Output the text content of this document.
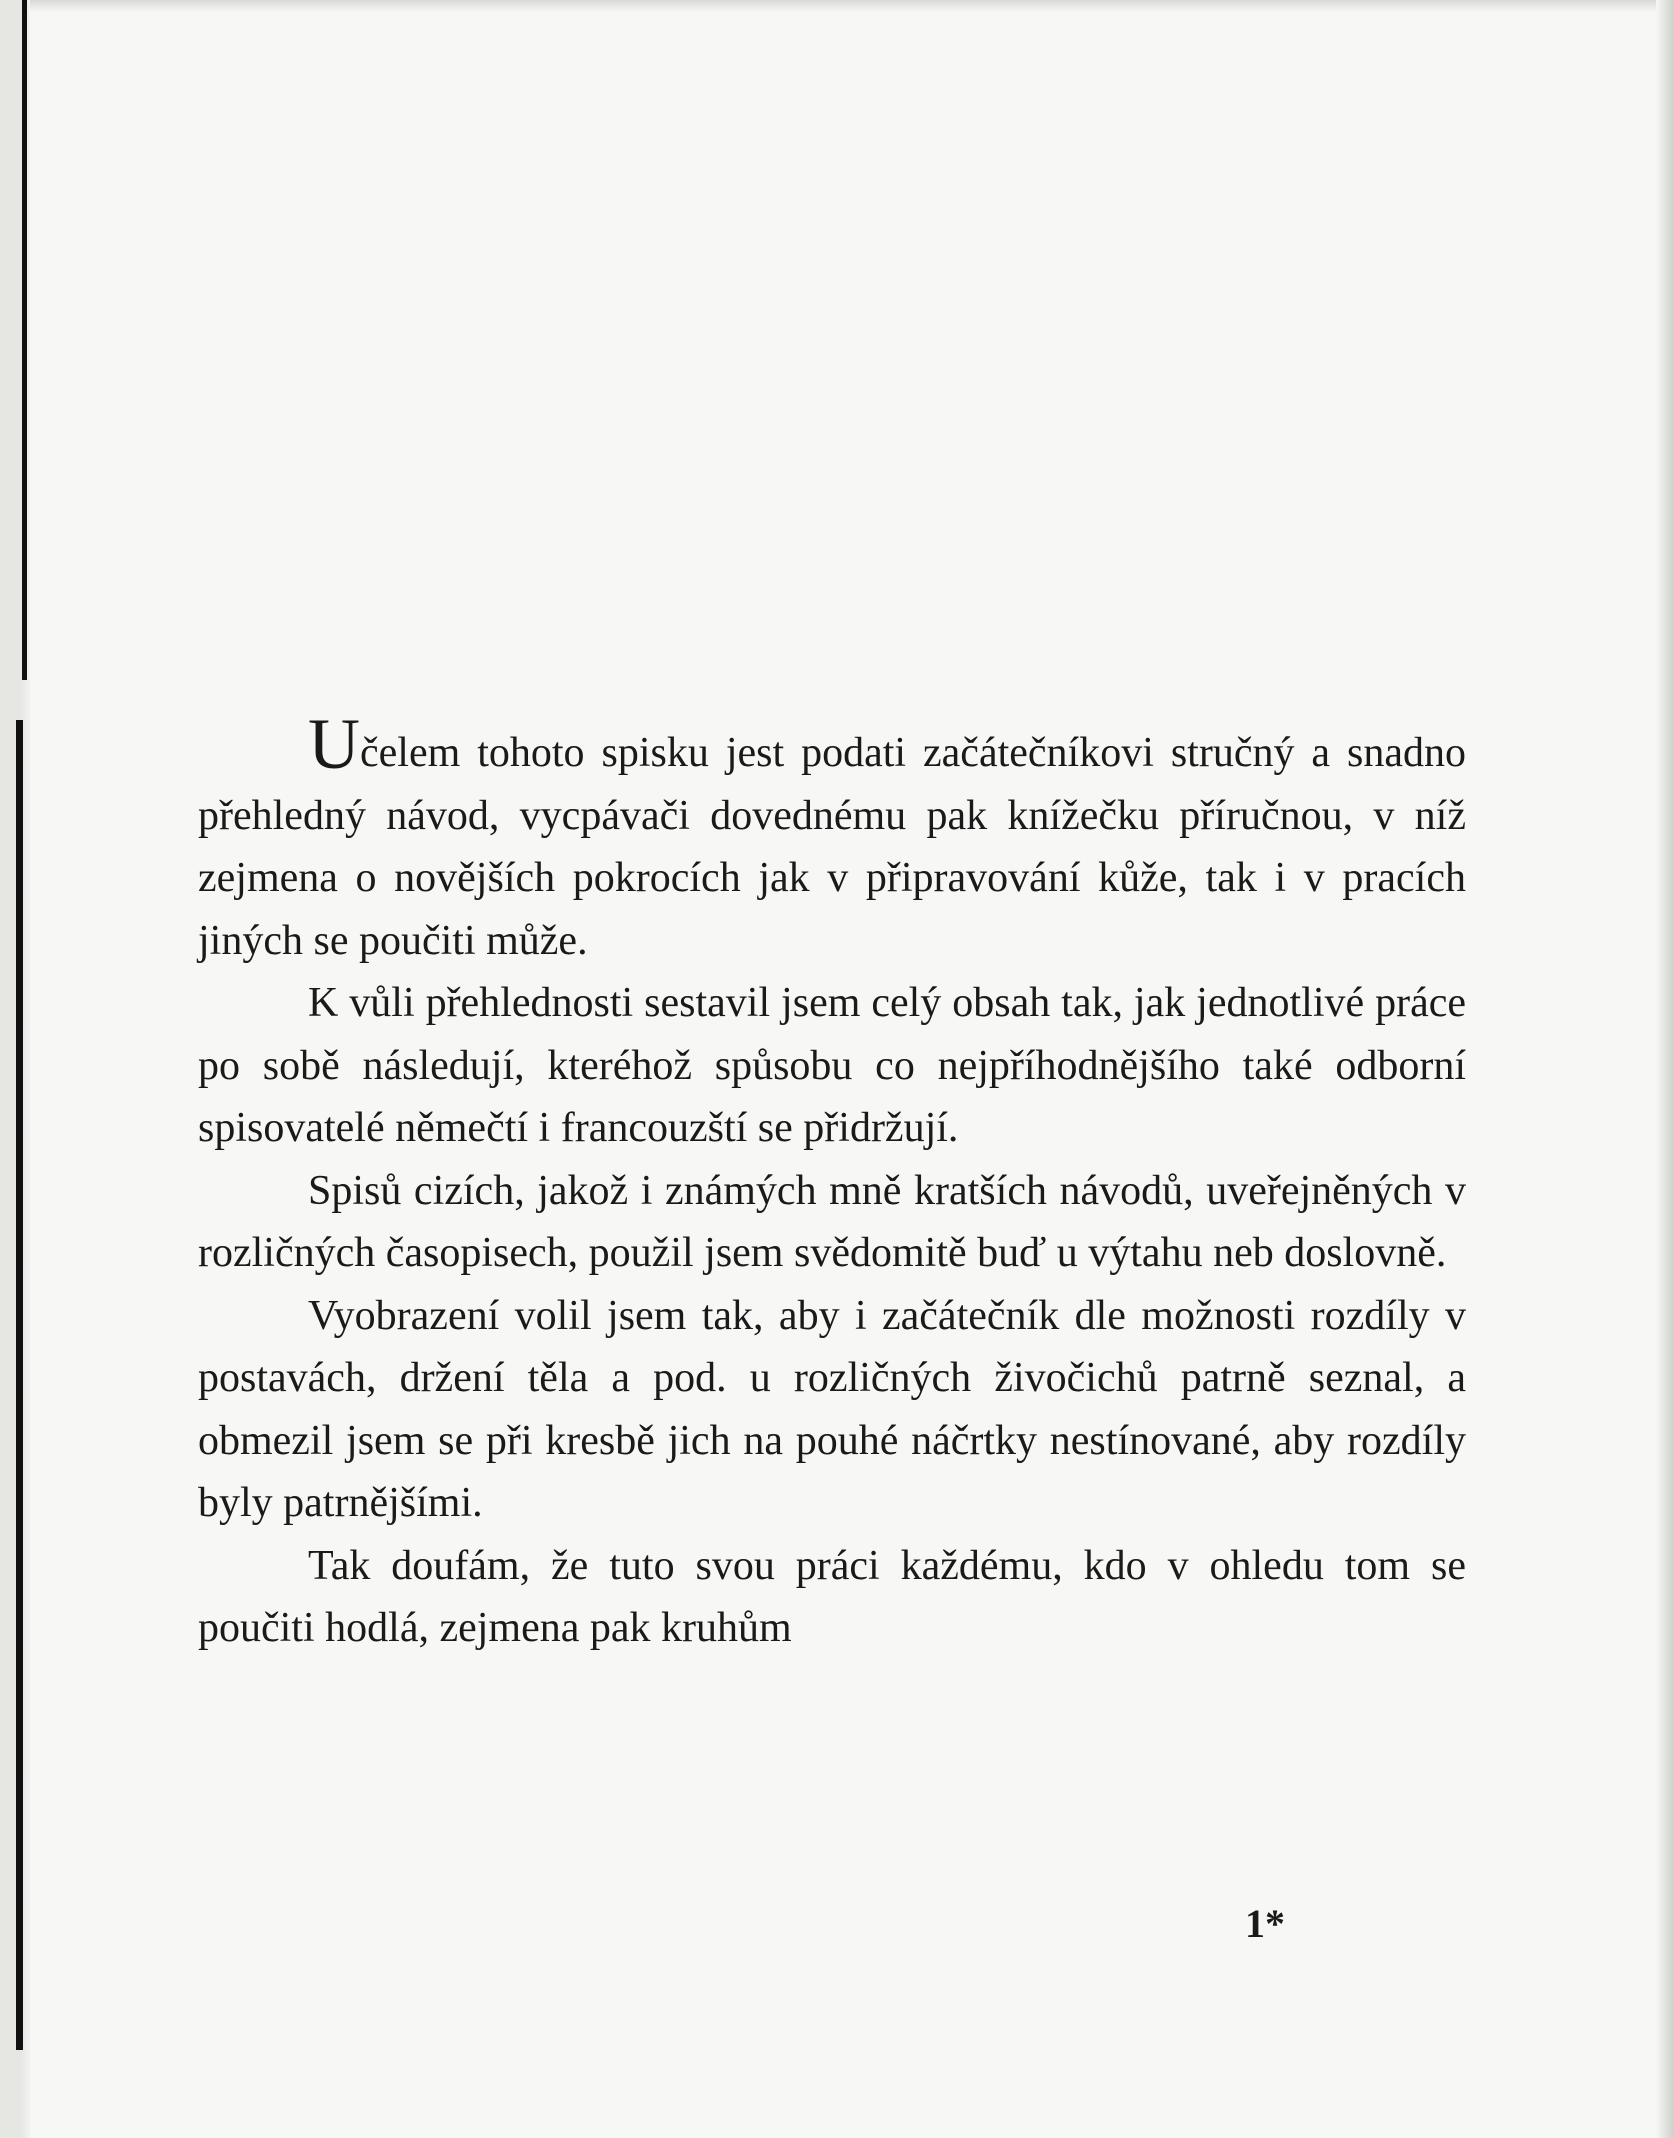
Učelem tohoto spisku jest podati začátečníkovi stručný a snadno přehledný návod, vycpávači dovednému pak knížečku příručnou, v níž zejmena o novějších pokrocích jak v připravování kůže, tak i v pracích jiných se poučiti může.

K vůli přehlednosti sestavil jsem celý obsah tak, jak jednotlivé práce po sobě následují, kteréhož spůsobu co nejpříhodnějšího také odborní spisovatelé němečtí i francouzští se přidržují.

Spisů cizích, jakož i známých mně kratších návodů, uveřejněných v rozličných časopisech, použil jsem svědomitě buď u výtahu neb doslovně.

Vyobrazení volil jsem tak, aby i začátečník dle možnosti rozdíly v postavách, držení těla a pod. u rozličných živočichů patrně seznal, a obmezil jsem se při kresbě jich na pouhé náčrtky nestínované, aby rozdíly byly patrnějšími.

Tak doufám, že tuto svou práci každému, kdo v ohledu tom se poučiti hodlá, zejmena pak kruhům

1*
